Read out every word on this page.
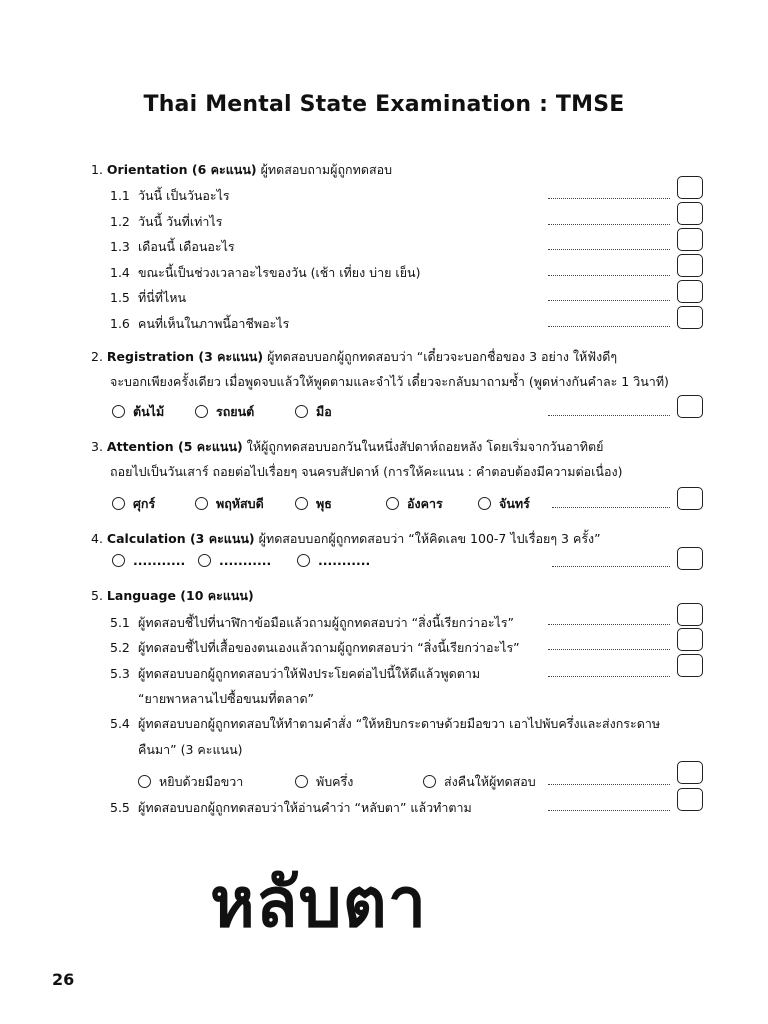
Thai Mental State Examination : TMSE
1. Orientation (6 คะแนน) ผู้ทดสอบถามผู้ถูกทดสอบ
1.1 วันนี้ เป็นวันอะไร
1.2 วันนี้ วันที่เท่าไร
1.3 เดือนนี้ เดือนอะไร
1.4 ขณะนี้เป็นช่วงเวลาอะไรของวัน (เช้า เที่ยง บ่าย เย็น)
1.5 ที่นี่ที่ไหน
1.6 คนที่เห็นในภาพนี้อาชีพอะไร
2. Registration (3 คะแนน) ผู้ทดสอบบอกผู้ถูกทดสอบว่า “เดี๋ยวจะบอกชื่อของ 3 อย่าง ให้ฟังดีๆ
จะบอกเพียงครั้งเดียว เมื่อพูดจบแล้วให้พูดตามและจำไว้ เดี๋ยวจะกลับมาถามซ้ำ (พูดห่างกันคำละ 1 วินาที)
ต้นไม้	รถยนต์	มือ
3. Attention (5 คะแนน) ให้ผู้ถูกทดสอบบอกวันในหนึ่งสัปดาห์ถอยหลัง โดยเริ่มจากวันอาทิตย์
ถอยไปเป็นวันเสาร์ ถอยต่อไปเรื่อยๆ จนครบสัปดาห์ (การให้คะแนน : คำตอบต้องมีความต่อเนื่อง)
ศุกร์	พฤหัสบดี	พุธ	อังคาร	จันทร์
4. Calculation (3 คะแนน) ผู้ทดสอบบอกผู้ถูกทดสอบว่า “ให้คิดเลข 100-7 ไปเรื่อยๆ 3 ครั้ง”
...........	...........	...........
5. Language (10 คะแนน)
5.1 ผู้ทดสอบชี้ไปที่นาฬิกาข้อมือแล้วถามผู้ถูกทดสอบว่า “สิ่งนี้เรียกว่าอะไร”
5.2 ผู้ทดสอบชี้ไปที่เสื้อของตนเองแล้วถามผู้ถูกทดสอบว่า “สิ่งนี้เรียกว่าอะไร”
5.3 ผู้ทดสอบบอกผู้ถูกทดสอบว่าให้ฟังประโยคต่อไปนี้ให้ดีแล้วพูดตาม
“ยายพาหลานไปซื้อขนมที่ตลาด”
5.4 ผู้ทดสอบบอกผู้ถูกทดสอบให้ทำตามคำสั่ง “ให้หยิบกระดาษด้วยมือขวา เอาไปพับครึ่งและส่งกระดาษ
คืนมา” (3 คะแนน)
หยิบด้วยมือขวา	พับครึ่ง	ส่งคืนให้ผู้ทดสอบ
5.5 ผู้ทดสอบบอกผู้ถูกทดสอบว่าให้อ่านคำว่า “หลับตา” แล้วทำตาม
หลับตา
26
